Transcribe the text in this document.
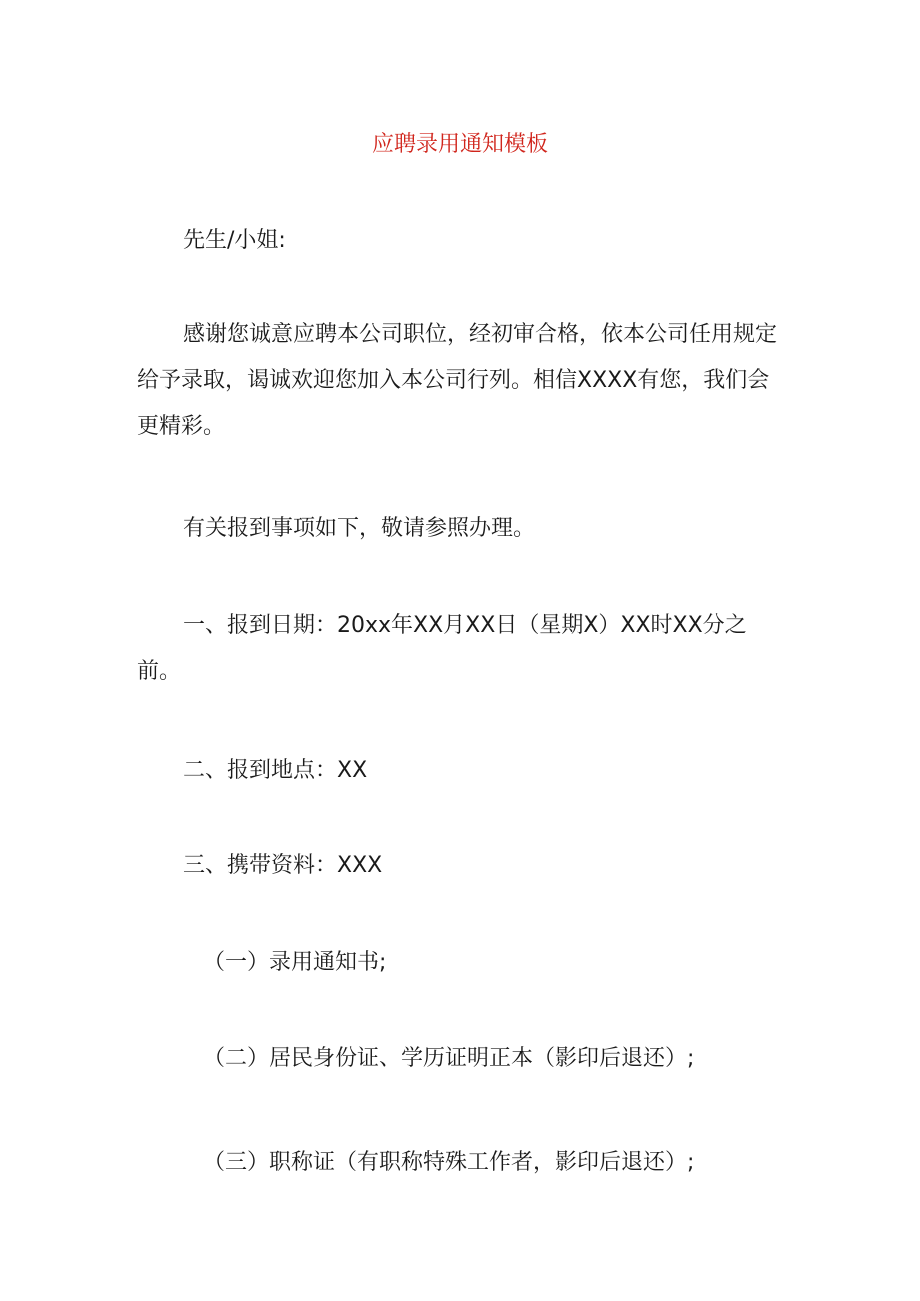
应聘录用通知模板

先生/小姐:

感谢您诚意应聘本公司职位，经初审合格，依本公司任用规定给予录取，谒诚欢迎您加入本公司行列。相信XXXX有您，我们会更精彩。

有关报到事项如下，敬请参照办理。

一、报到日期：20xx年XX月XX日（星期X）XX时XX分之前。

二、报到地点：XX

三、携带资料：XXX

（一）录用通知书;

（二）居民身份证、学历证明正本（影印后退还）;

（三）职称证（有职称特殊工作者，影印后退还）;
